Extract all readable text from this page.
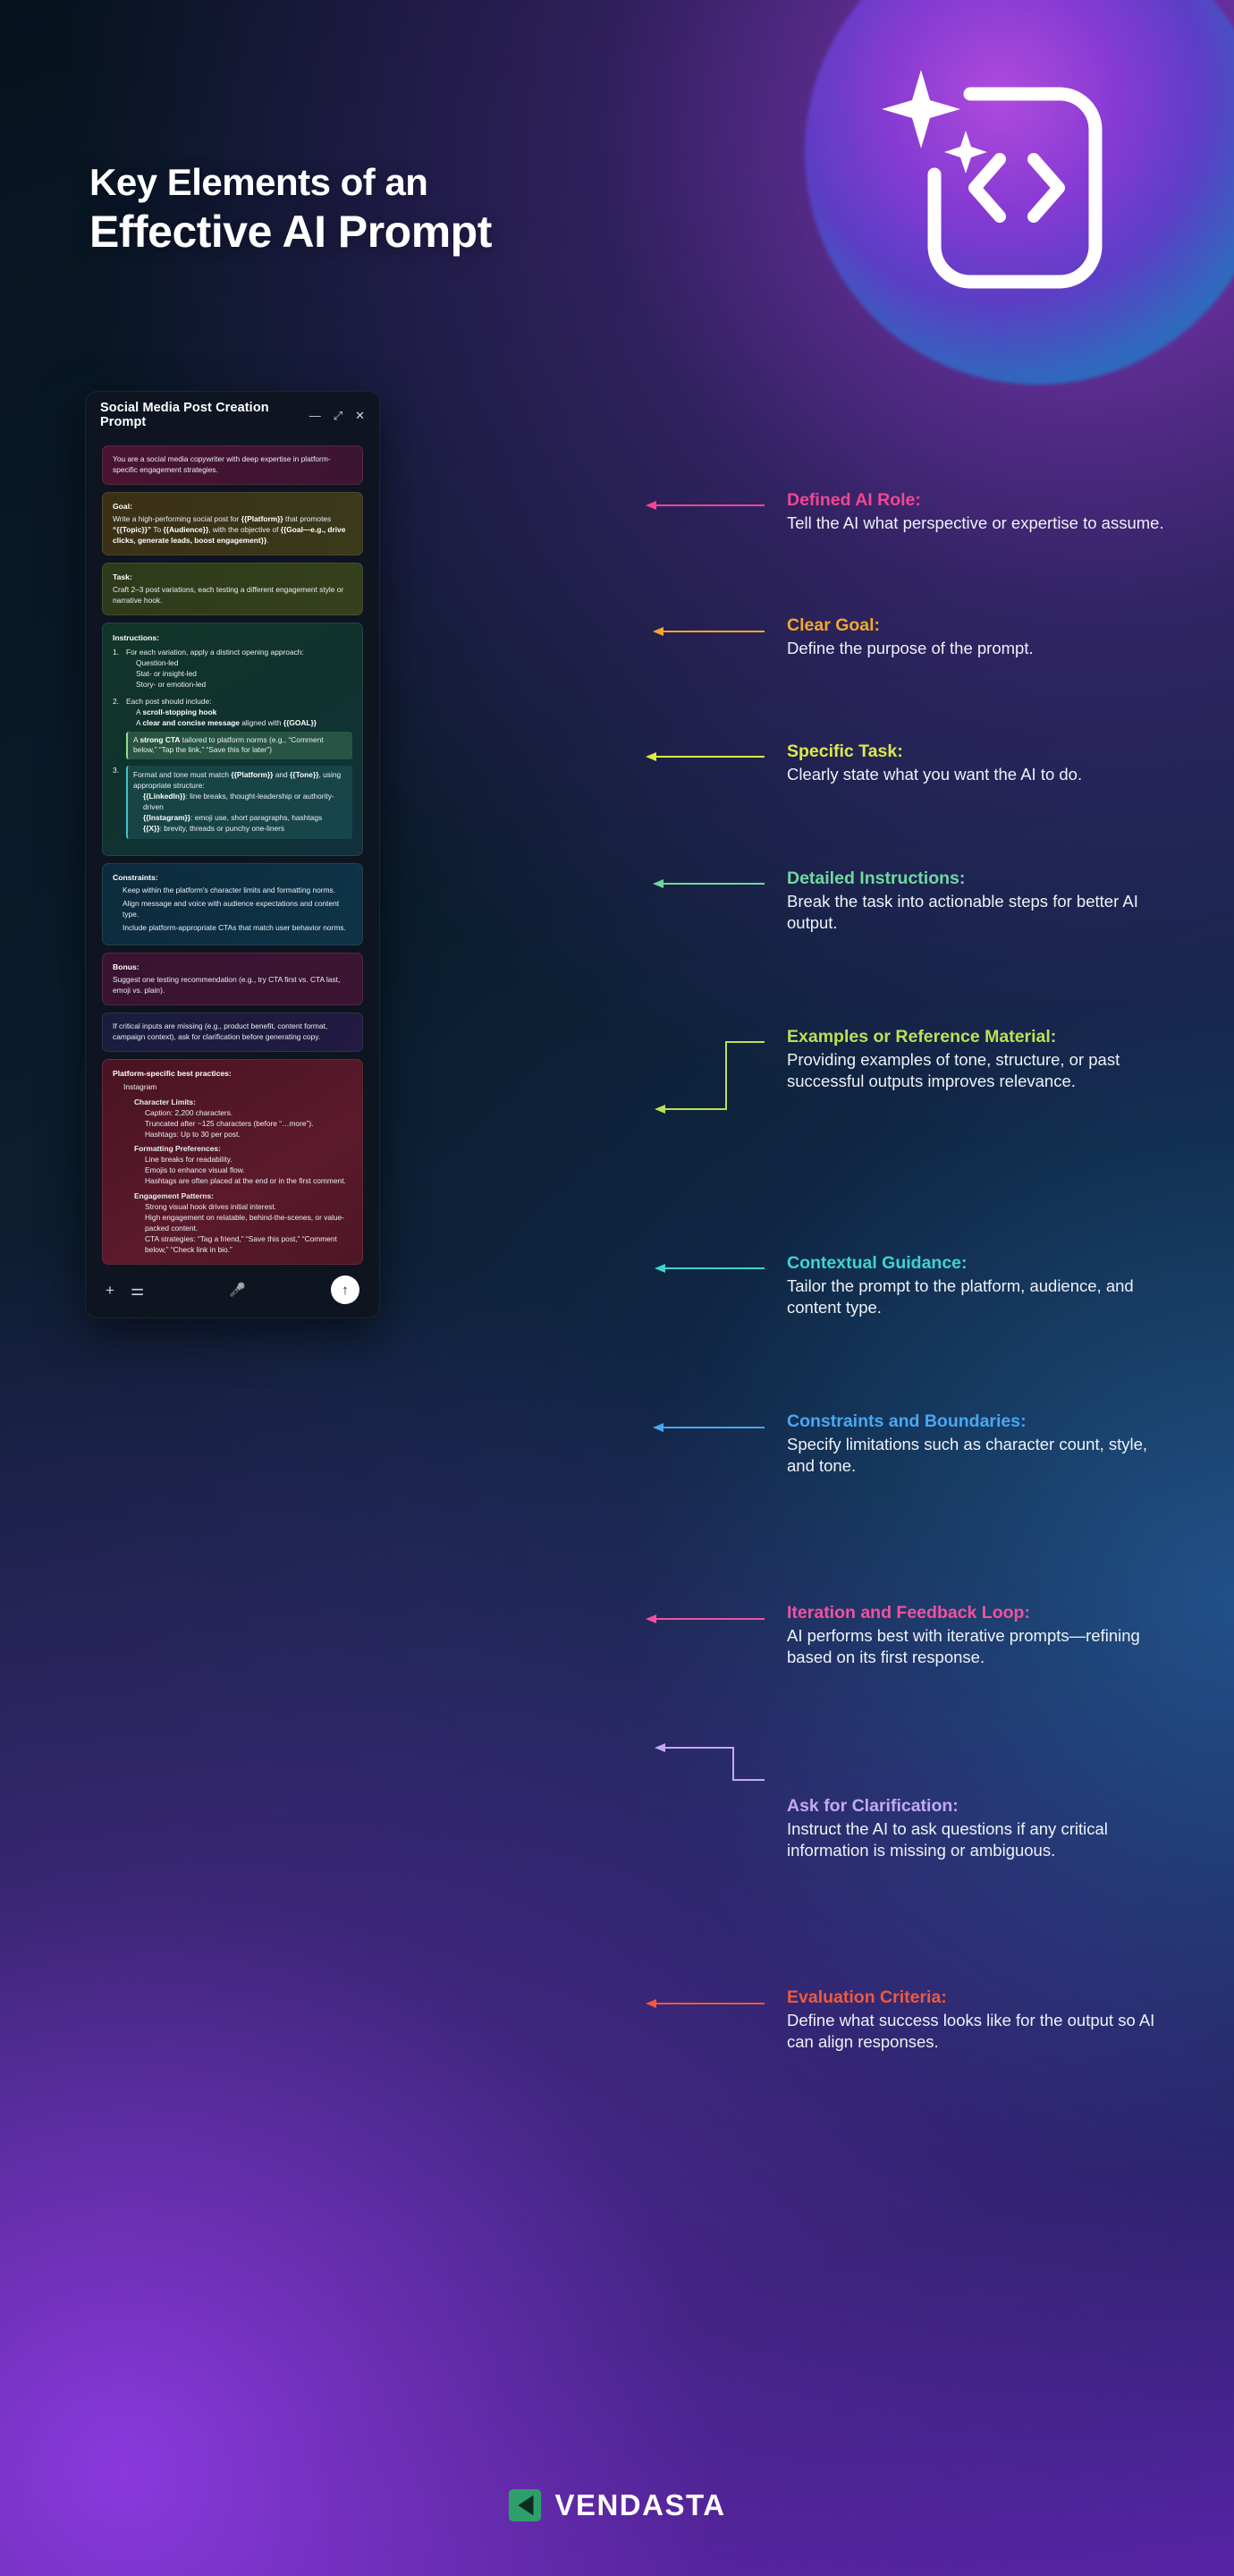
Key Elements of an
Effective AI Prompt
Social Media Post Creation Prompt	— ⤢ ✕
You are a social media copywriter with deep expertise in platform-specific engagement strategies.
Goal:
Write a high-performing social post for {{Platform}} that promotes “{{Topic}}” To {{Audience}}, with the objective of {{Goal—e.g., drive clicks, generate leads, boost engagement}}.
Task:
Craft 2–3 post variations, each testing a different engagement style or narrative hook.
Instructions:
For each variation, apply a distinct opening approach:
Question-led
Stat- or insight-led
Story- or emotion-led
Each post should include:
A scroll-stopping hook
A clear and concise message aligned with {{GOAL}}
A strong CTA tailored to platform norms (e.g., “Comment below,” “Tap the link,” “Save this for later”)
Format and tone must match {{Platform}} and {{Tone}}, using appropriate structure:
{{LinkedIn}}: line breaks, thought-leadership or authority-driven
{{Instagram}}: emoji use, short paragraphs, hashtags
{{X}}: brevity, threads or punchy one-liners
Constraints:
Keep within the platform's character limits and formatting norms.
Align message and voice with audience expectations and content type.
Include platform-appropriate CTAs that match user behavior norms.
Bonus:
Suggest one testing recommendation (e.g., try CTA first vs. CTA last, emoji vs. plain).
If critical inputs are missing (e.g., product benefit, content format, campaign context), ask for clarification before generating copy.
Platform-specific best practices:
Instagram
Character Limits:
Caption: 2,200 characters.
Truncated after ~125 characters (before “…more”).
Hashtags: Up to 30 per post.
Formatting Preferences:
Line breaks for readability.
Emojis to enhance visual flow.
Hashtags are often placed at the end or in the first comment.
Engagement Patterns:
Strong visual hook drives initial interest.
High engagement on relatable, behind-the-scenes, or value-packed content.
CTA strategies: “Tag a friend,” “Save this post,” “Comment below,” “Check link in bio.”
+ ⚌	🎤	↑
Defined AI Role:
Tell the AI what perspective or expertise to assume.
Clear Goal:
Define the purpose of the prompt.
Specific Task:
Clearly state what you want the AI to do.
Detailed Instructions:
Break the task into actionable steps for better AI output.
Examples or Reference Material:
Providing examples of tone, structure, or past successful outputs improves relevance.
Contextual Guidance:
Tailor the prompt to the platform, audience, and content type.
Constraints and Boundaries:
Specify limitations such as character count, style, and tone.
Iteration and Feedback Loop:
AI performs best with iterative prompts—refining based on its first response.
Ask for Clarification:
Instruct the AI to ask questions if any critical information is missing or ambiguous.
Evaluation Criteria:
Define what success looks like for the output so AI can align responses.
VENDASTA
